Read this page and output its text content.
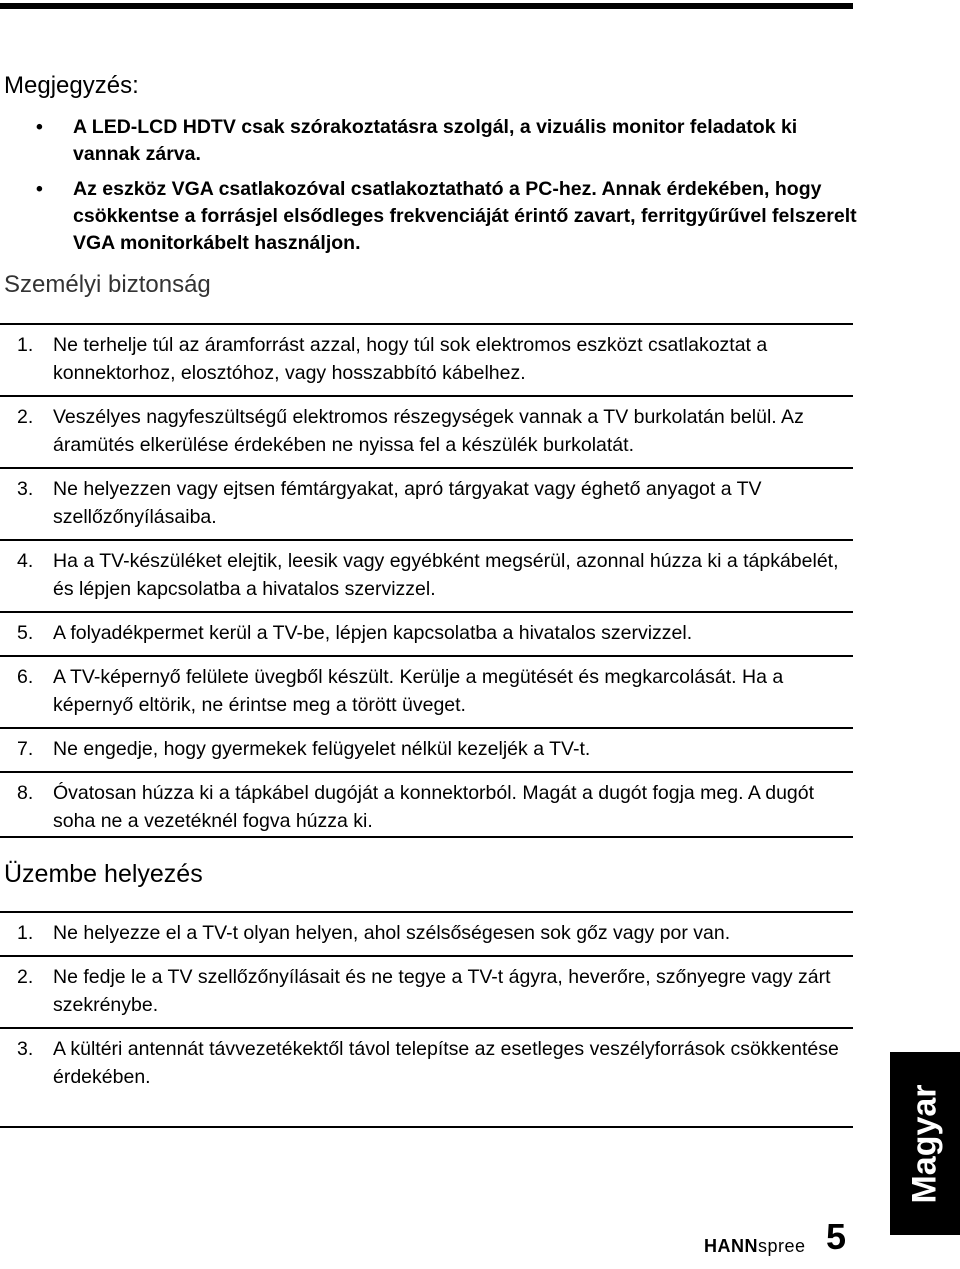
Megjegyzés:
• A LED-LCD HDTV csak szórakoztatásra szolgál, a vizuális monitor feladatok ki vannak zárva.
• Az eszköz VGA csatlakozóval csatlakoztatható a PC-hez. Annak érdekében, hogy csökkentse a forrásjel elsődleges frekvenciáját érintő zavart, ferritgyűrűvel felszerelt VGA monitorkábelt használjon.
Személyi biztonság
1. Ne terhelje túl az áramforrást azzal, hogy túl sok elektromos eszközt csatlakoztat a konnektorhoz, elosztóhoz, vagy hosszabbító kábelhez.
2. Veszélyes nagyfeszültségű elektromos részegységek vannak a TV burkolatán belül. Az áramütés elkerülése érdekében ne nyissa fel a készülék burkolatát.
3. Ne helyezzen vagy ejtsen fémtárgyakat, apró tárgyakat vagy éghető anyagot a TV szellőzőnyílásaiba.
4. Ha a TV-készüléket elejtik, leesik vagy egyébként megsérül, azonnal húzza ki a tápkábelét, és lépjen kapcsolatba a hivatalos szervizzel.
5. A folyadékpermet kerül a TV-be, lépjen kapcsolatba a hivatalos szervizzel.
6. A TV-képernyő felülete üvegből készült. Kerülje a megütését és megkarcolását. Ha a képernyő eltörik, ne érintse meg a törött üveget.
7. Ne engedje, hogy gyermekek felügyelet nélkül kezeljék a TV-t.
8. Óvatosan húzza ki a tápkábel dugóját a konnektorból. Magát a dugót fogja meg. A dugót soha ne a vezetéknél fogva húzza ki.
Üzembe helyezés
1. Ne helyezze el a TV-t olyan helyen, ahol szélsőségesen sok gőz vagy por van.
2. Ne fedje le a TV szellőzőnyílásait és ne tegye a TV-t ágyra, heverőre, szőnyegre vagy zárt szekrénybe.
3. A kültéri antennát távvezetékektől távol telepítse az esetleges veszélyforrások csökkentése érdekében.
Magyar
HANNspree 5
